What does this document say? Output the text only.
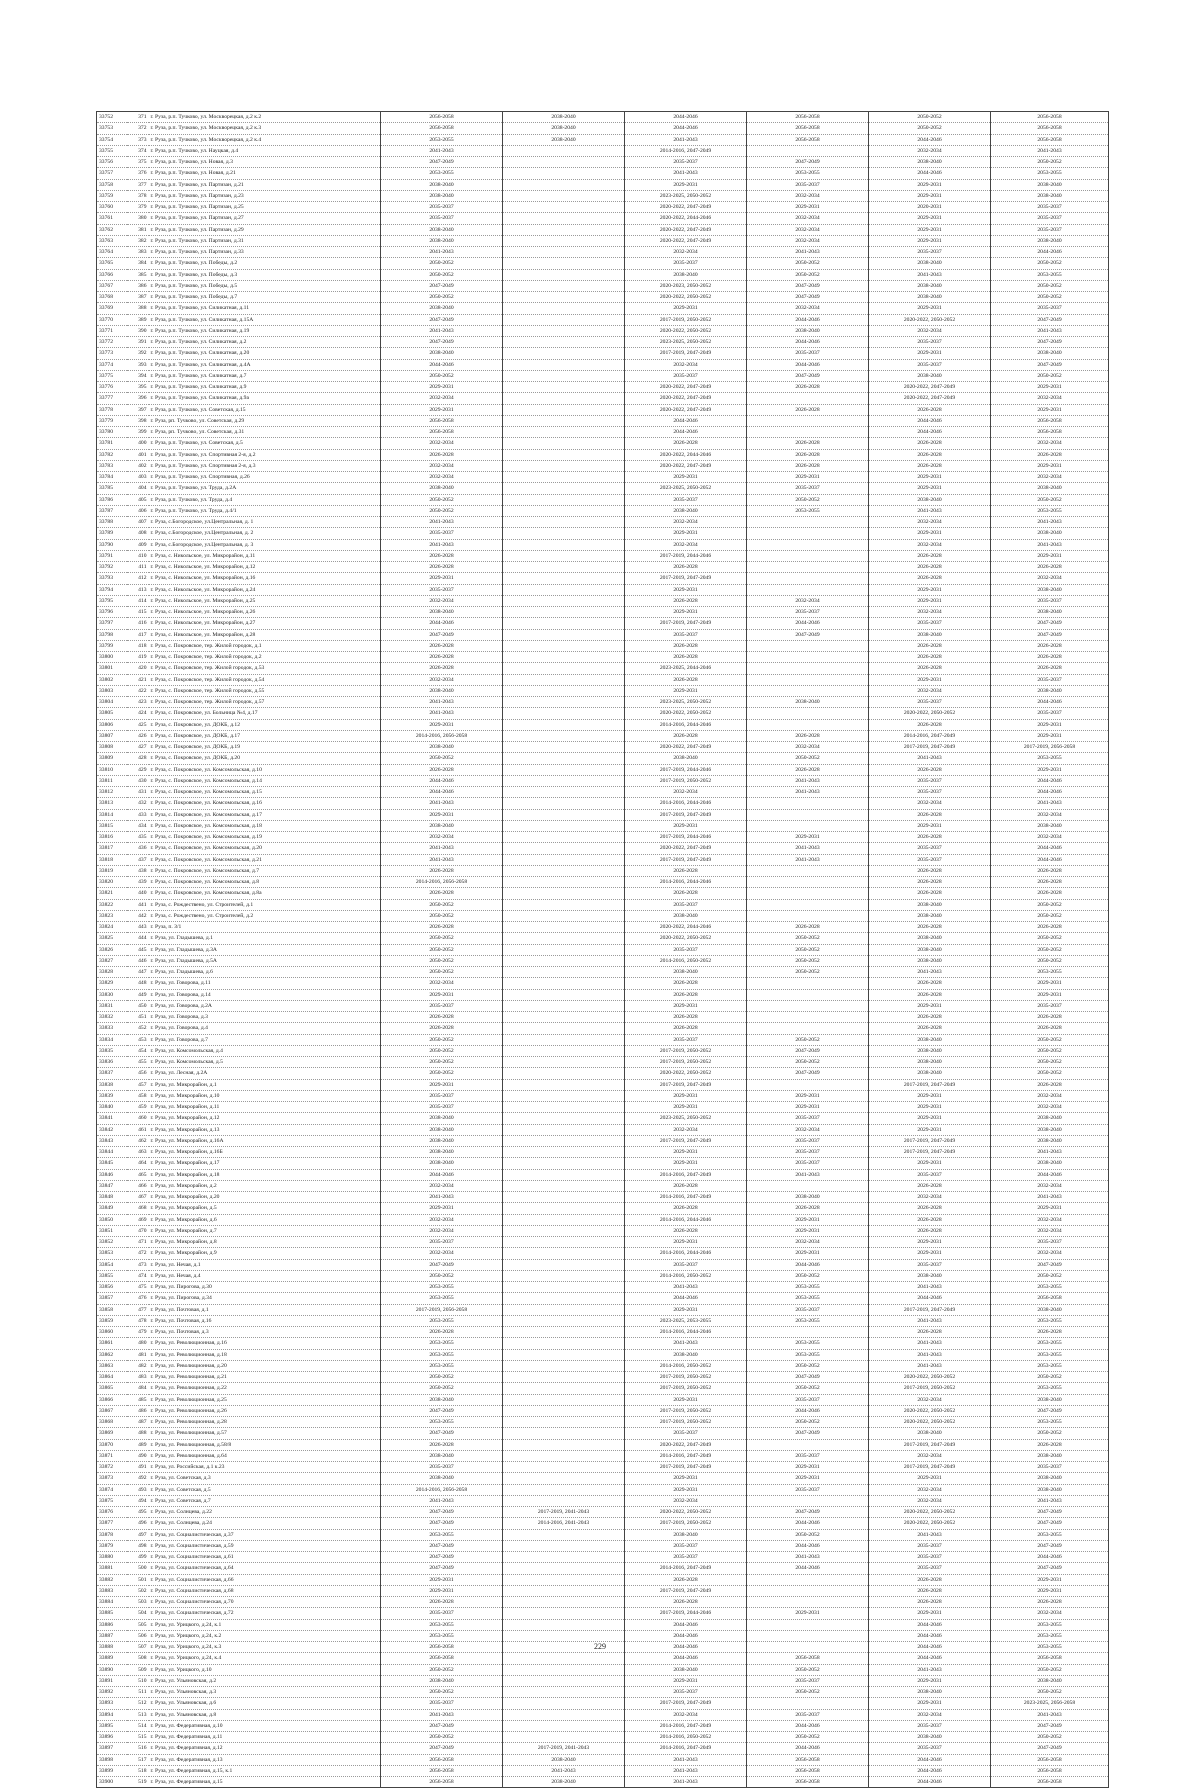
33752	371	г. Руза, р.п. Тучково, ул. Москворецкая, д.2 к.2	2056-2058	2038-2040	2044-2046	2056-2058	2050-2052	2056-2058
33753	372	г. Руза, р.п. Тучково, ул. Москворецкая, д.2 к.3	2056-2058	2038-2040	2044-2046	2056-2058	2050-2052	2056-2058
33754	373	г. Руза, р.п. Тучково, ул. Москворецкая, д.2 к.4	2053-2055	2038-2040	2041-2043	2056-2058	2044-2046	2056-2058
33755	374	г. Руза, р.п. Тучково, ул. Науцкая, д.4	2041-2043		2014-2016, 2047-2049		2032-2034	2041-2043
33756	375	г. Руза, р.п. Тучково, ул. Новая, д.3	2047-2049		2035-2037	2047-2049	2038-2040	2050-2052
33757	376	г. Руза, р.п. Тучково, ул. Новая, д.21	2053-2055		2041-2043	2053-2055	2044-2046	2053-2055
33758	377	г. Руза, р.п. Тучково, ул. Партизан, д.21	2038-2040		2029-2031	2035-2037	2029-2031	2038-2040
33759	378	г. Руза, р.п. Тучково, ул. Партизан, д.23	2038-2040		2023-2025, 2050-2052	2032-2034	2029-2031	2038-2040
33760	379	г. Руза, р.п. Тучково, ул. Партизан, д.25	2035-2037		2020-2022, 2047-2049	2029-2031	2020-2031	2035-2037
33761	380	г. Руза, р.п. Тучково, ул. Партизан, д.27	2035-2037		2020-2022, 2044-2046	2032-2034	2029-2031	2035-2037
33762	381	г. Руза, р.п. Тучково, ул. Партизан, д.29	2038-2040		2020-2022, 2047-2049	2032-2034	2029-2031	2035-2037
33763	382	г. Руза, р.п. Тучково, ул. Партизан, д.31	2038-2040		2020-2022, 2047-2049	2032-2034	2029-2031	2038-2040
33764	383	г. Руза, р.п. Тучково, ул. Партизан, д.33	2041-2043		2032-2034	2041-2043	2035-2037	2044-2046
33765	384	г. Руза, р.п. Тучково, ул. Победы, д.2	2050-2052		2035-2037	2050-2052	2038-2040	2050-2052
33766	385	г. Руза, р.п. Тучково, ул. Победы, д.3	2050-2052		2038-2040	2050-2052	2041-2043	2053-2055
33767	386	г. Руза, р.п. Тучково, ул. Победы, д.5	2047-2049		2020-2023, 2050-2052	2047-2049	2038-2040	2050-2052
33768	387	г. Руза, р.п. Тучково, ул. Победы, д.7	2050-2052		2020-2022, 2050-2052	2047-2049	2038-2040	2050-2052
33769	388	г. Руза, р.п. Тучково, ул. Силикатная, д.11	2038-2040		2029-2031	2032-2034	2029-2031	2035-2037
33770	389	г. Руза, р.п. Тучково, ул. Силикатная, д.15А	2047-2049		2017-2019, 2050-2052	2044-2046	2020-2022, 2050-2052	2047-2049
33771	390	г. Руза, р.п. Тучково, ул. Силикатная, д.19	2041-2043		2020-2022, 2050-2052	2038-2040	2032-2034	2041-2043
33772	391	г. Руза, р.п. Тучково, ул. Силикатная, д.2	2047-2049		2023-2025, 2050-2052	2044-2046	2035-2037	2047-2049
33773	392	г. Руза, р.п. Тучково, ул. Силикатная, д.20	2038-2040		2017-2019, 2047-2049	2035-2037	2029-2031	2038-2040
33774	393	г. Руза, р.п. Тучково, ул. Силикатная, д.4А	2044-2046		2032-2034	2044-2046	2035-2037	2047-2049
33775	394	г. Руза, р.п. Тучково, ул. Силикатная, д.7	2050-2052		2035-2037	2047-2049	2038-2040	2050-2052
33776	395	г. Руза, р.п. Тучково, ул. Силикатная, д.9	2029-2031		2020-2022, 2047-2049	2026-2028	2020-2022, 2047-2049	2029-2031
33777	396	г. Руза, р.п. Тучково, ул. Силикатная, д.9а	2032-2034		2020-2022, 2047-2049		2020-2022, 2047-2049	2032-2034
33778	397	г. Руза, р.п. Тучково, ул. Советская, д.15	2029-2031		2020-2022, 2047-2049	2026-2028	2026-2028	2029-2031
33779	398	г. Руза, рп. Тучково, ул. Советская, д.29	2056-2058		2044-2046		2044-2046	2056-2058
33780	399	г. Руза, рп. Тучково, ул. Советская, д.31	2056-2058		2044-2046		2044-2046	2056-2058
33781	400	г. Руза, р.п. Тучково, ул. Советская, д.5	2032-2034		2026-2028	2026-2028	2026-2028	2032-2034
33782	401	г. Руза, р.п. Тучково, ул. Спортивная 2-я, д.2	2026-2028		2020-2022, 2044-2046	2026-2028	2026-2028	2026-2028
33783	402	г. Руза, р.п. Тучково, ул. Спортивная 2-я, д.3	2032-2034		2020-2022, 2047-2049	2026-2028	2026-2028	2029-2031
33784	403	г. Руза, р.п. Тучково, ул. Спортивная, д.26	2032-2034		2029-2031	2029-2031	2029-2031	2032-2034
33785	404	г. Руза, р.п. Тучково, ул. Труда, д.2А	2038-2040		2023-2025, 2050-2052	2035-2037	2029-2031	2038-2040
33786	405	г. Руза, р.п. Тучково, ул. Труда, д.4	2050-2052		2035-2037	2050-2052	2038-2040	2050-2052
33787	406	г. Руза, р.п. Тучково, ул. Труда, д.4/1	2050-2052		2038-2040	2053-2055	2041-2043	2053-2055
33788	407	г. Руза, с.Богородское, ул.Центральная, д. 1	2041-2043		2032-2034		2032-2034	2041-2043
33789	408	г. Руза, с.Богородское, ул.Центральная, д. 2	2035-2037		2029-2031		2029-2031	2038-2040
33790	409	г. Руза, с.Богородское, ул.Центральная, д. 3	2041-2043		2032-2034		2032-2034	2041-2043
33791	410	г. Руза, с. Никольское, ул. Микрорайон, д.11	2026-2028		2017-2019, 2044-2046		2026-2028	2029-2031
33792	411	г. Руза, с. Никольское, ул. Микрорайон, д.12	2026-2028		2026-2028		2026-2028	2026-2028
33793	412	г. Руза, с. Никольское, ул. Микрорайон, д.16	2029-2031		2017-2019, 2047-2049		2026-2028	2032-2034
33794	413	г. Руза, с. Никольское, ул. Микрорайон, д.24	2035-2037		2029-2031		2029-2031	2038-2040
33795	414	г. Руза, с. Никольское, ул. Микрорайон, д.25	2032-2034		2026-2028	2032-2034	2029-2031	2035-2037
33796	415	г. Руза, с. Никольское, ул. Микрорайон, д.26	2038-2040		2029-2031	2035-2037	2032-2034	2038-2040
33797	416	г. Руза, с. Никольское, ул. Микрорайон, д.27	2044-2046		2017-2019, 2047-2049	2044-2046	2035-2037	2047-2049
33798	417	г. Руза, с. Никольское, ул. Микрорайон, д.28	2047-2049		2035-2037	2047-2049	2038-2040	2047-2049
33799	418	г. Руза, с. Покровское, тер. Жилой городок, д.1	2026-2028		2026-2028		2026-2028	2026-2028
33800	419	г. Руза, с. Покровское, тер. Жилой городок, д.2	2026-2028		2026-2028		2026-2028	2026-2028
33801	420	г. Руза, с. Покровское, тер. Жилой городок, д.53	2026-2028		2023-2025, 2044-2046		2026-2028	2026-2028
33802	421	г. Руза, с. Покровское, тер. Жилой городок, д.54	2032-2034		2026-2028		2029-2031	2035-2037
33803	422	г. Руза, с. Покровское, тер. Жилой городок, д.55	2038-2040		2029-2031		2032-2034	2038-2040
33804	423	г. Руза, с. Покровское, тер. Жилой городок, д.57	2041-2043		2023-2025, 2050-2052	2038-2040	2035-2037	2044-2046
33805	424	г. Руза, с. Покровское, ул. Больница №4, д.17	2041-2043		2020-2022, 2050-2052		2020-2022, 2050-2052	2035-2037
33806	425	г. Руза, с. Покровское, ул. ДОКБ, д.12	2029-2031		2014-2016, 2044-2046		2026-2028	2029-2031
33807	426	г. Руза, с. Покровское, ул. ДОКБ, д.17	2014-2016, 2056-2058		2026-2028	2026-2028	2014-2016, 2047-2049	2029-2031
33808	427	г. Руза, с. Покровское, ул. ДОКБ, д.19	2038-2040		2020-2022, 2047-2049	2032-2034	2017-2019, 2047-2049	2017-2019, 2056-2058
33809	428	г. Руза, с. Покровское, ул. ДОКБ, д.20	2050-2052		2038-2040	2050-2052	2041-2043	2053-2055
33810	429	г. Руза, с. Покровское, ул. Комсомольская, д.10	2026-2028		2017-2019, 2044-2046	2026-2028	2026-2028	2029-2031
33811	430	г. Руза, с. Покровское, ул. Комсомольская, д.14	2044-2046		2017-2019, 2050-2052	2041-2043	2035-2037	2044-2046
33812	431	г. Руза, с. Покровское, ул. Комсомольская, д.15	2044-2046		2032-2034	2041-2043	2035-2037	2044-2046
33813	432	г. Руза, с. Покровское, ул. Комсомольская, д.16	2041-2043		2014-2016, 2044-2046		2032-2034	2041-2043
33814	433	г. Руза, с. Покровское, ул. Комсомольская, д.17	2029-2031		2017-2019, 2047-2049		2026-2028	2032-2034
33815	434	г. Руза, с. Покровское, ул. Комсомольская, д.18	2038-2040		2029-2031		2029-2031	2038-2040
33816	435	г. Руза, с. Покровское, ул. Комсомольская, д.19	2032-2034		2017-2019, 2044-2046	2029-2031	2026-2028	2032-2034
33817	436	г. Руза, с. Покровское, ул. Комсомольская, д.20	2041-2043		2020-2022, 2047-2049	2041-2043	2035-2037	2044-2046
33818	437	г. Руза, с. Покровское, ул. Комсомольская, д.21	2041-2043		2017-2019, 2047-2049	2041-2043	2035-2037	2044-2046
33819	438	г. Руза, с. Покровское, ул. Комсомольская, д.7	2026-2028		2026-2028		2026-2028	2026-2028
33820	439	г. Руза, с. Покровское, ул. Комсомольская, д.8	2014-2016, 2056-2058		2014-2016, 2044-2046		2026-2028	2026-2028
33821	440	г. Руза, с. Покровское, ул. Комсомольская, д.8а	2026-2028		2026-2028		2026-2028	2026-2028
33822	441	г. Руза, с. Рождествено, ул. Строителей, д.1	2050-2052		2035-2037		2038-2040	2050-2052
33823	442	г. Руза, с. Рождествено, ул. Строителей, д.2	2050-2052		2038-2040		2038-2040	2050-2052
33824	443	г. Руза, п. З/1	2026-2028		2020-2022, 2044-2046	2026-2028	2026-2028	2026-2028
33825	444	г. Руза, ул. Гладышева, д.1	2050-2052		2020-2022, 2050-2052	2050-2052	2038-2040	2050-2052
33826	445	г. Руза, ул. Гладышева, д.3А	2050-2052		2035-2037	2050-2052	2038-2040	2050-2052
33827	446	г. Руза, ул. Гладышева, д.5А	2050-2052		2014-2016, 2050-2052	2050-2052	2038-2040	2050-2052
33828	447	г. Руза, ул. Гладышева, д.6	2050-2052		2038-2040	2050-2052	2041-2043	2053-2055
33829	448	г. Руза, ул. Говорова, д.11	2032-2034		2026-2028		2026-2028	2029-2031
33830	449	г. Руза, ул. Говорова, д.14	2029-2031		2026-2028		2026-2028	2029-2031
33831	450	г. Руза, ул. Говорова, д.2А	2035-2037		2029-2031		2029-2031	2035-2037
33832	451	г. Руза, ул. Говорова, д.3	2026-2028		2026-2028		2026-2028	2026-2028
33833	452	г. Руза, ул. Говорова, д.4	2026-2028		2026-2028		2026-2028	2026-2028
33834	453	г. Руза, ул. Говорова, д.7	2050-2052		2035-2037	2050-2052	2038-2040	2050-2052
33835	454	г. Руза, ул. Комсомольская, д.4	2050-2052		2017-2019, 2050-2052	2047-2049	2038-2040	2050-2052
33836	455	г. Руза, ул. Комсомольская, д.5	2050-2052		2017-2019, 2050-2052	2050-2052	2038-2040	2050-2052
33837	456	г. Руза, ул. Лесная, д.2А	2050-2052		2020-2022, 2050-2052	2047-2049	2038-2040	2050-2052
33838	457	г. Руза, ул. Микрорайон, д.1	2029-2031		2017-2019, 2047-2049		2017-2019, 2047-2049	2026-2028
33839	458	г. Руза, ул. Микрорайон, д.10	2035-2037		2029-2031	2029-2031	2029-2031	2032-2034
33840	459	г. Руза, ул. Микрорайон, д.11	2035-2037		2029-2031	2029-2031	2029-2031	2032-2034
33841	460	г. Руза, ул. Микрорайон, д.12	2038-2040		2023-2025, 2050-2052	2035-2037	2029-2031	2038-2040
33842	461	г. Руза, ул. Микрорайон, д.13	2038-2040		2032-2034	2032-2034	2029-2031	2038-2040
33843	462	г. Руза, ул. Микрорайон, д.16А	2038-2040		2017-2019, 2047-2049	2035-2037	2017-2019, 2047-2049	2038-2040
33844	463	г. Руза, ул. Микрорайон, д.16Б	2038-2040		2029-2031	2035-2037	2017-2019, 2047-2049	2041-2043
33845	464	г. Руза, ул. Микрорайон, д.17	2038-2040		2029-2031	2035-2037	2029-2031	2038-2040
33846	465	г. Руза, ул. Микрорайон, д.18	2044-2046		2014-2016, 2047-2049	2041-2043	2035-2037	2044-2046
33847	466	г. Руза, ул. Микрорайон, д.2	2032-2034		2026-2028		2026-2028	2032-2034
33848	467	г. Руза, ул. Микрорайон, д.20	2041-2043		2014-2016, 2047-2049	2038-2040	2032-2034	2041-2043
33849	468	г. Руза, ул. Микрорайон, д.5	2029-2031		2026-2028	2026-2028	2026-2028	2029-2031
33850	469	г. Руза, ул. Микрорайон, д.6	2032-2034		2014-2016, 2044-2046	2029-2031	2026-2028	2032-2034
33851	470	г. Руза, ул. Микрорайон, д.7	2032-2034		2026-2028	2029-2031	2026-2028	2032-2034
33852	471	г. Руза, ул. Микрорайон, д.8	2035-2037		2029-2031	2032-2034	2029-2031	2035-2037
33853	472	г. Руза, ул. Микрорайон, д.9	2032-2034		2014-2016, 2044-2046	2029-2031	2029-2031	2032-2034
33854	473	г. Руза, ул. Нечая, д.1	2047-2049		2035-2037	2044-2046	2035-2037	2047-2049
33855	474	г. Руза, ул. Нечая, д.4	2050-2052		2014-2016, 2050-2052	2050-2052	2038-2040	2050-2052
33856	475	г. Руза, ул. Пирогова, д.30	2053-2055		2041-2043	2053-2055	2041-2043	2053-2055
33857	476	г. Руза, ул. Пирогова, д.34	2053-2055		2044-2046	2053-2055	2044-2046	2056-2058
33858	477	г. Руза, ул. Почтовая, д.1	2017-2019, 2056-2058		2029-2031	2035-2037	2017-2019, 2047-2049	2038-2040
33859	478	г. Руза, ул. Почтовая, д.16	2053-2055		2023-2025, 2053-2055	2053-2055	2041-2043	2053-2055
33860	479	г. Руза, ул. Почтовая, д.3	2026-2028		2014-2016, 2044-2046		2026-2028	2026-2028
33861	480	г. Руза, ул. Революционная, д.16	2053-2055		2041-2043	2053-2055	2041-2043	2053-2055
33862	481	г. Руза, ул. Революционная, д.18	2053-2055		2038-2040	2053-2055	2041-2043	2053-2055
33863	482	г. Руза, ул. Революционная, д.20	2053-2055		2014-2016, 2050-2052	2050-2052	2041-2043	2053-2055
33864	483	г. Руза, ул. Революционная, д.21	2050-2052		2017-2019, 2050-2052	2047-2049	2020-2022, 2050-2052	2050-2052
33865	484	г. Руза, ул. Революционная, д.22	2050-2052		2017-2019, 2050-2052	2050-2052	2017-2019, 2050-2052	2053-2055
33866	485	г. Руза, ул. Революционная, д.25	2038-2040		2029-2031	2035-2037	2032-2034	2038-2040
33867	486	г. Руза, ул. Революционная, д.26	2047-2049		2017-2019, 2050-2052	2044-2046	2020-2022, 2050-2052	2047-2049
33868	487	г. Руза, ул. Революционная, д.28	2053-2055		2017-2019, 2050-2052	2050-2052	2020-2022, 2050-2052	2053-2055
33869	488	г. Руза, ул. Революционная, д.57	2047-2049		2035-2037	2047-2049	2038-2040	2050-2052
33870	489	г. Руза, ул. Революционная, д.58/8	2026-2028		2020-2022, 2047-2049		2017-2019, 2047-2049	2026-2028
33871	490	г. Руза, ул. Революционная, д.64	2038-2040		2014-2016, 2047-2049	2035-2037	2032-2034	2038-2040
33872	491	г. Руза, ул. Российская, д.1 к.23	2035-2037		2017-2019, 2047-2049	2029-2031	2017-2019, 2047-2049	2035-2037
33873	492	г. Руза, ул. Советская, д.3	2038-2040		2029-2031	2029-2031	2029-2031	2038-2040
33874	493	г. Руза, ул. Советская, д.5	2014-2016, 2056-2058		2029-2031	2035-2037	2032-2034	2038-2040
33875	494	г. Руза, ул. Советская, д.7	2041-2043		2032-2034		2032-2034	2041-2043
33876	495	г. Руза, ул. Солнцева, д.22	2047-2049	2017-2019, 2041-2043	2020-2022, 2050-2052	2047-2049	2020-2022, 2050-2052	2047-2049
33877	496	г. Руза, ул. Солнцева, д.24	2047-2049	2014-2016, 2041-2043	2017-2019, 2050-2052	2044-2046	2020-2022, 2050-2052	2047-2049
33878	497	г. Руза, ул. Социалистическая, д.37	2053-2055		2038-2040	2050-2052	2041-2043	2053-2055
33879	498	г. Руза, ул. Социалистическая, д.59	2047-2049		2035-2037	2044-2046	2035-2037	2047-2049
33880	499	г. Руза, ул. Социалистическая, д.61	2047-2049		2035-2037	2041-2043	2035-2037	2044-2046
33881	500	г. Руза, ул. Социалистическая, д.64	2047-2049		2014-2016, 2047-2049	2044-2046	2035-2037	2047-2049
33882	501	г. Руза, ул. Социалистическая, д.66	2029-2031		2026-2028		2026-2028	2029-2031
33883	502	г. Руза, ул. Социалистическая, д.68	2029-2031		2017-2019, 2047-2049		2026-2028	2029-2031
33884	503	г. Руза, ул. Социалистическая, д.70	2026-2028		2026-2028		2026-2028	2026-2028
33885	504	г. Руза, ул. Социалистическая, д.72	2035-2037		2017-2019, 2044-2046	2029-2031	2029-2031	2032-2034
33886	505	г. Руза, ул. Урицкого, д.24, к.1	2053-2055		2044-2046		2044-2046	2053-2055
33887	506	г. Руза, ул. Урицкого, д.24, к.2	2053-2055		2044-2046		2044-2046	2053-2055
33888	507	г. Руза, ул. Урицкого, д.24, к.3	2056-2058		2044-2046		2044-2046	2053-2055
33889	508	г. Руза, ул. Урицкого, д.24, к.4	2056-2058		2044-2046	2056-2058	2044-2046	2056-2058
33890	509	г. Руза, ул. Урицкого, д.10	2050-2052		2038-2040	2050-2052	2041-2043	2050-2052
33891	510	г. Руза, ул. Ульяновская, д.2	2038-2040		2029-2031	2035-2037	2029-2031	2038-2040
33892	511	г. Руза, ул. Ульяновская, д.3	2050-2052		2035-2037	2050-2052	2038-2040	2050-2052
33893	512	г. Руза, ул. Ульяновская, д.6	2035-2037		2017-2019, 2047-2049		2029-2031	2023-2025, 2056-2058
33894	513	г. Руза, ул. Ульяновская, д.8	2041-2043		2032-2034	2035-2037	2032-2034	2041-2043
33895	514	г. Руза, ул. Федеративная, д.10	2047-2049		2014-2016, 2047-2049	2044-2046	2035-2037	2047-2049
33896	515	г. Руза, ул. Федеративная, д.11	2050-2052		2014-2016, 2050-2052	2050-2052	2038-2040	2050-2052
33897	516	г. Руза, ул. Федеративная, д.12	2047-2049	2017-2019, 2041-2043	2014-2016, 2047-2049	2044-2046	2035-2037	2047-2049
33898	517	г. Руза, ул. Федеративная, д.13	2056-2058	2038-2040	2041-2043	2056-2058	2044-2046	2056-2058
33899	518	г. Руза, ул. Федеративная, д.15, к.1	2056-2058	2041-2043	2041-2043	2056-2058	2044-2046	2056-2058
33900	519	г. Руза, ул. Федеративная, д.15	2056-2058	2038-2040	2041-2043	2056-2058	2044-2046	2056-2058
229
